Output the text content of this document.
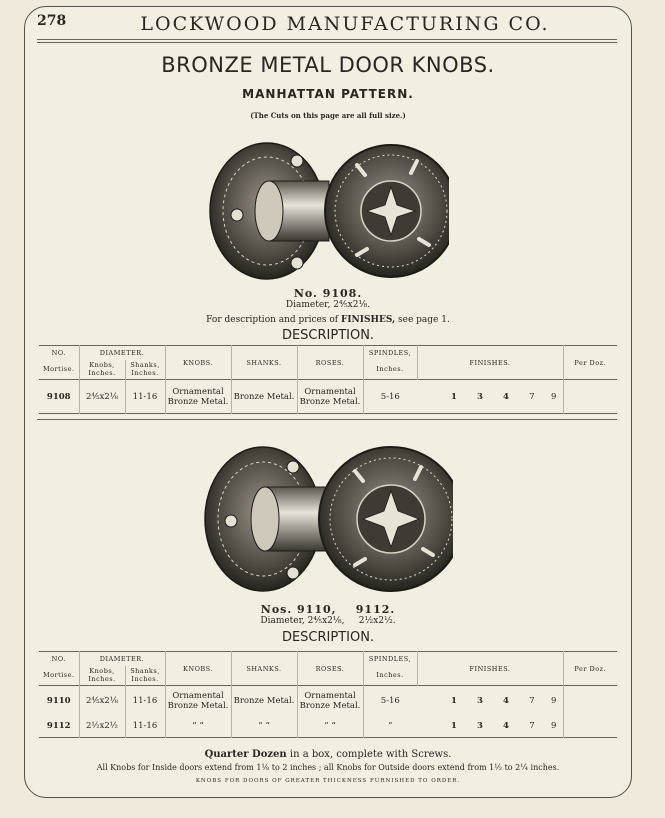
278	LOCKWOOD MANUFACTURING CO.
BRONZE METAL DOOR KNOBS.
MANHATTAN PATTERN.
(The Cuts on this page are all full size.)
No. 9108.
Diameter, 2⅘x2⅛.
For description and prices of FINISHES, see page 1.
DESCRIPTION.
NO.	DIAMETER.		KNOBS.	SHANKS.	ROSES.	SPINDLES,	FINISHES.						Per Doz.
Mortise.	Knobs, Inches.	Shanks, Inches.				Inches.							
9108	2⅘x2⅛	11-16	Ornamental Bronze Metal.	Bronze Metal.	Ornamental Bronze Metal.	5-16		1	3	4	7	9	
Nos. 9110,    9112.
Diameter, 2⅘x2⅛,     2½x2½.
DESCRIPTION.
NO.	DIAMETER.		KNOBS.	SHANKS.	ROSES.	SPINDLES,	FINISHES.						Per Doz.
Mortise.	Knobs, Inches.	Shanks, Inches.				Inches.							
9110	2⅘x2⅛	11-16	Ornamental Bronze Metal.	Bronze Metal.	Ornamental Bronze Metal.	5-16		1	3	4	7	9	
9112	2½x2½	11-16	“ “	“ “	“ “	“		1	3	4	7	9	
Quarter Dozen in a box, complete with Screws.
All Knobs for Inside doors extend from 1⅛ to 2 inches ; all Knobs for Outside doors extend from 1½ to 2¼ inches.
KNOBS FOR DOORS OF GREATER THICKNESS FURNISHED TO ORDER.
